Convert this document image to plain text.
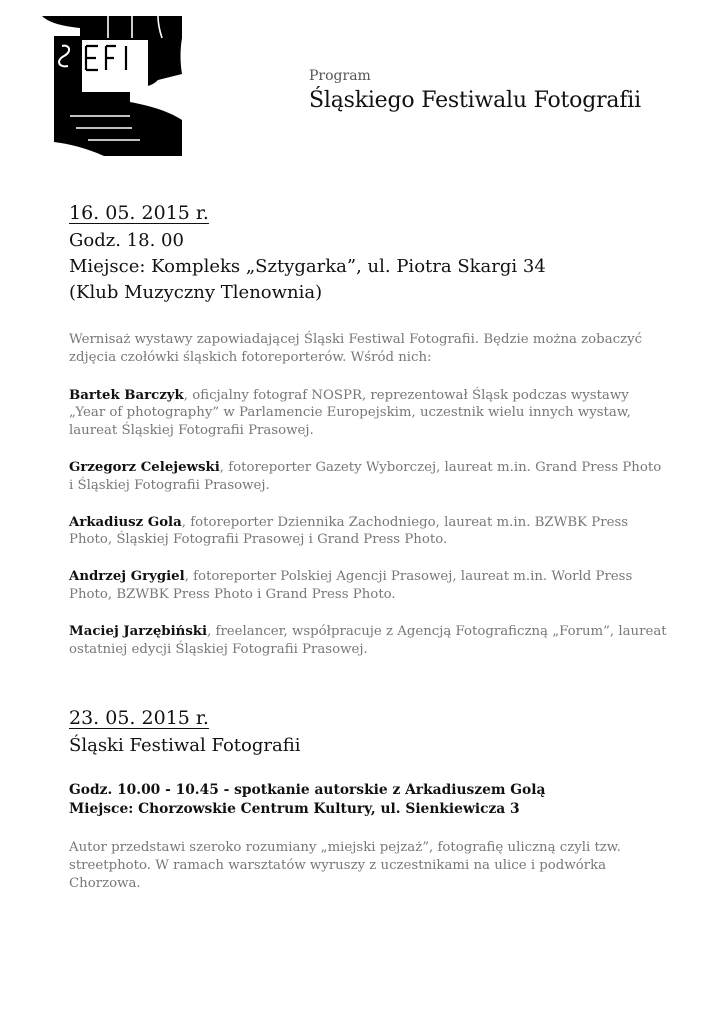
Program
Śląskiego Festiwalu Fotografii

16. 05. 2015 r.

Godz. 18. 00

Miejsce: Kompleks „Sztygarka”, ul. Piotra Skargi 34

(Klub Muzyczny Tlenownia)

Wernisaż wystawy zapowiadającej Śląski Festiwal Fotografii. Będzie można zobaczyć zdjęcia czołówki śląskich fotoreporterów. Wśród nich:

Bartek Barczyk, oficjalny fotograf NOSPR, reprezentował Śląsk podczas wystawy „Year of photography” w Parlamencie Europejskim, uczestnik wielu innych wystaw, laureat Śląskiej Fotografii Prasowej.

Grzegorz Celejewski, fotoreporter Gazety Wyborczej, laureat m.in. Grand Press Photo i Śląskiej Fotografii Prasowej.

Arkadiusz Gola, fotoreporter Dziennika Zachodniego, laureat m.in. BZWBK Press Photo, Śląskiej Fotografii Prasowej i Grand Press Photo.

Andrzej Grygiel, fotoreporter Polskiej Agencji Prasowej, laureat m.in. World Press Photo, BZWBK Press Photo i Grand Press Photo.

Maciej Jarzębiński, freelancer, współpracuje z Agencją Fotograficzną „Forum”, laureat ostatniej edycji Śląskiej Fotografii Prasowej.

23. 05. 2015 r.

Śląski Festiwal Fotografii

Godz. 10.00 - 10.45 - spotkanie autorskie z Arkadiuszem Golą

Miejsce: Chorzowskie Centrum Kultury, ul. Sienkiewicza 3

Autor przedstawi szeroko rozumiany „miejski pejzaż”, fotografię uliczną czyli tzw. streetphoto. W ramach warsztatów wyruszy z uczestnikami na ulice i podwórka Chorzowa.
